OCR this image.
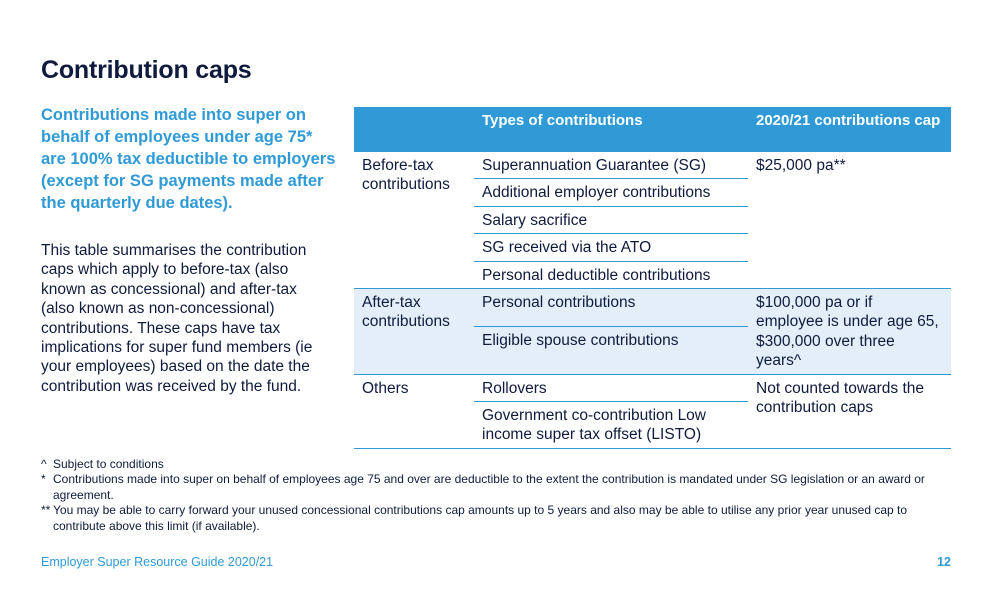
Contribution caps
Contributions made into super on behalf of employees under age 75* are 100% tax deductible to employers (except for SG payments made after the quarterly due dates).
This table summarises the contribution caps which apply to before-tax (also known as concessional) and after-tax (also known as non-concessional) contributions. These caps have tax implications for super fund members (ie your employees) based on the date the contribution was received by the fund.
	Types of contributions	2020/21 contributions cap
Before-tax contributions	Superannuation Guarantee (SG)	$25,000 pa**
	Additional employer contributions	
	Salary sacrifice	
	SG received via the ATO	
	Personal deductible contributions	
After-tax contributions	Personal contributions	$100,000 pa or if employee is under age 65, $300,000 over three years^
	Eligible spouse contributions	
Others	Rollovers	Not counted towards the contribution caps
	Government co-contribution Low income super tax offset (LISTO)	
^ Subject to conditions
* Contributions made into super on behalf of employees age 75 and over are deductible to the extent the contribution is mandated under SG legislation or an award or agreement.
** You may be able to carry forward your unused concessional contributions cap amounts up to 5 years and also may be able to utilise any prior year unused cap to contribute above this limit (if available).
Employer Super Resource Guide 2020/21	12
